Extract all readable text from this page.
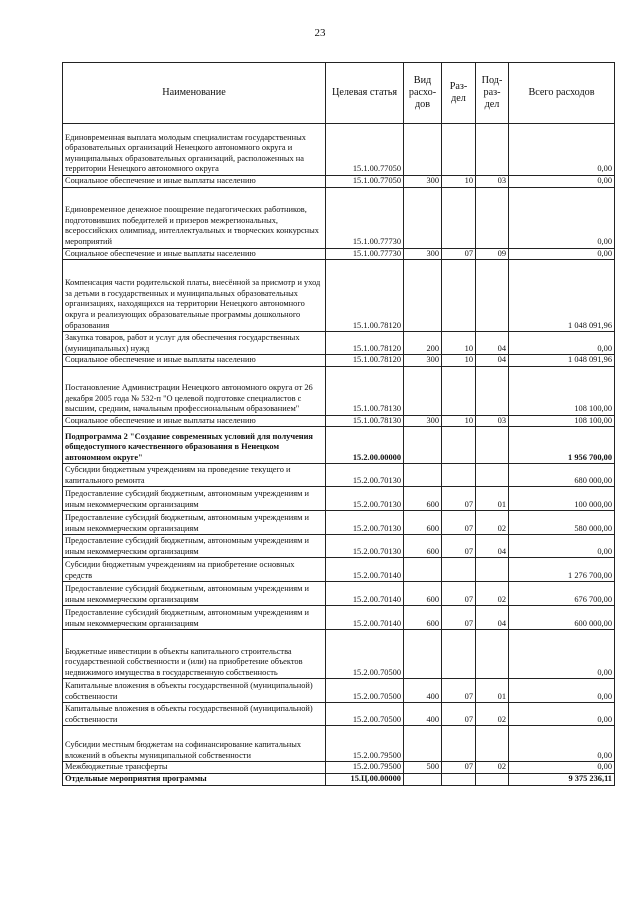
23
Наименование	Целевая статья	Вид расхо-дов	Раз-дел	Под-раз-дел	Всего расходов
Единовременная выплата молодым специалистам государственных образовательных организаций Ненецкого автономного округа и муниципальных образовательных организаций, расположенных на территории Ненецкого автономного округа	15.1.00.77050				0,00
Социальное обеспечение и иные выплаты населению	15.1.00.77050	300	10	03	0,00
Единовременное денежное поощрение педагогических работников, подготовивших победителей и призеров межрегиональных, всероссийских олимпиад, интеллектуальных и творческих конкурсных мероприятий	15.1.00.77730				0,00
Социальное обеспечение и иные выплаты населению	15.1.00.77730	300	07	09	0,00
Компенсация части родительской платы, внесённой за присмотр и уход за детьми в государственных и муниципальных образовательных организациях, находящихся на территории Ненецкого автономного округа и реализующих образовательные программы дошкольного образования	15.1.00.78120				1 048 091,96
Закупка товаров, работ и услуг для обеспечения государственных (муниципальных) нужд	15.1.00.78120	200	10	04	0,00
Социальное обеспечение и иные выплаты населению	15.1.00.78120	300	10	04	1 048 091,96
Постановление Администрации Ненецкого автономного округа от 26 декабря 2005 года № 532-п "О целевой подготовке специалистов с высшим, средним, начальным профессиональным образованием"	15.1.00.78130				108 100,00
Социальное обеспечение и иные выплаты населению	15.1.00.78130	300	10	03	108 100,00
Подпрограмма 2 "Создание современных условий для получения общедоступного качественного образования в Ненецком автономном округе"	15.2.00.00000				1 956 700,00
Субсидии бюджетным учреждениям на проведение текущего и капитального ремонта	15.2.00.70130				680 000,00
Предоставление субсидий бюджетным, автономным учреждениям и иным некоммерческим организациям	15.2.00.70130	600	07	01	100 000,00
Предоставление субсидий бюджетным, автономным учреждениям и иным некоммерческим организациям	15.2.00.70130	600	07	02	580 000,00
Предоставление субсидий бюджетным, автономным учреждениям и иным некоммерческим организациям	15.2.00.70130	600	07	04	0,00
Субсидии бюджетным учреждениям на приобретение основных средств	15.2.00.70140				1 276 700,00
Предоставление субсидий бюджетным, автономным учреждениям и иным некоммерческим организациям	15.2.00.70140	600	07	02	676 700,00
Предоставление субсидий бюджетным, автономным учреждениям и иным некоммерческим организациям	15.2.00.70140	600	07	04	600 000,00
Бюджетные инвестиции в объекты капитального строительства государственной собственности и (или) на приобретение объектов недвижимого имущества в государственную собственность	15.2.00.70500				0,00
Капитальные вложения в объекты государственной (муниципальной) собственности	15.2.00.70500	400	07	01	0,00
Капитальные вложения в объекты государственной (муниципальной) собственности	15.2.00.70500	400	07	02	0,00
Субсидии местным бюджетам на софинансирование капитальных вложений в объекты муниципальной собственности	15.2.00.79500				0,00
Межбюджетные трансферты	15.2.00.79500	500	07	02	0,00
Отдельные мероприятия программы	15.Ц.00.00000				9 375 236,11
